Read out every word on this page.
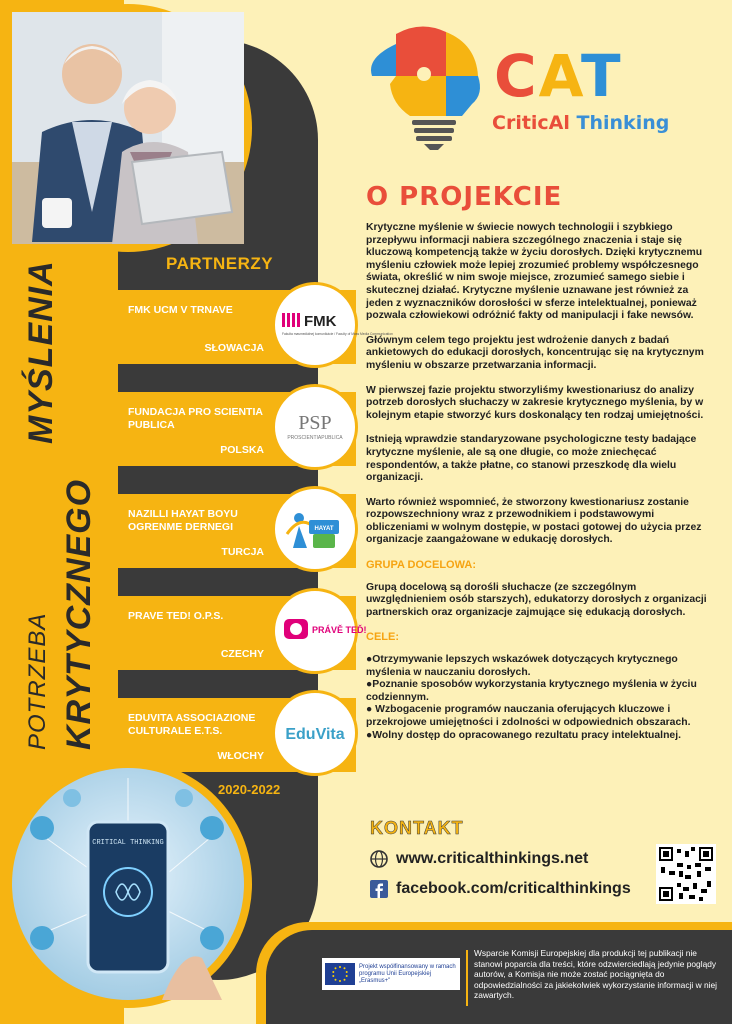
POTRZEBA KRYTYCZNEGO
MYŚLENIA	PARTNERZY
FMK UCM V TRNAVE
SŁOWACJA
FMK
Fakulta masmediálnej komunikácie / Faculty of Mass Media Communication
FUNDACJA PRO SCIENTIA PUBLICA
POLSKA
PSP
PROSCIENTIAPUBLICA
NAZILLI HAYAT BOYU OGRENME DERNEGI
TURCJA
HAYAT
PRAVE TED! O.P.S.
CZECHY
PRÁVĚ TEĎ!
EDUVITA ASSOCIAZIONE CULTURALE E.T.S.
WŁOCHY
EduVita
2020-2022
CRITICAL THINKING
CAT
CriticAl Thinking
O PROJEKCIE

Krytyczne myślenie w świecie nowych technologii i szybkiego przepływu informacji nabiera szczególnego znaczenia i staje się kluczową kompetencją także w życiu dorosłych. Dzięki krytycznemu myśleniu człowiek może lepiej zrozumieć problemy współczesnego świata, określić w nim swoje miejsce, zrozumieć samego siebie i skutecznej działać. Krytyczne myślenie uznawane jest również za jeden z wyznaczników dorosłości w sferze intelektualnej, ponieważ pozwala człowiekowi odróżnić fakty od manipulacji i fake newsów.

Głównym celem tego projektu jest wdrożenie danych z badań ankietowych do edukacji dorosłych, koncentrując się na krytycznym myśleniu w obszarze przetwarzania informacji.

W pierwszej fazie projektu stworzyliśmy kwestionariusz do analizy potrzeb dorosłych słuchaczy w zakresie krytycznego myślenia, by w kolejnym etapie stworzyć kurs doskonalący ten rodzaj umiejętności.

Istnieją wprawdzie standaryzowane psychologiczne testy badające krytyczne myślenie, ale są one długie, co może zniechęcać respondentów, a także płatne, co stanowi przeszkodę dla wielu organizacji.

Warto również wspomnieć, że stworzony kwestionariusz zostanie rozpowszechniony wraz z przewodnikiem i podstawowymi obliczeniami w wolnym dostępie, w postaci gotowej do użycia przez organizacje zaangażowane w edukację dorosłych.

GRUPA DOCELOWA:

Grupą docelową są dorośli słuchacze (ze szczególnym uwzględnieniem osób starszych), edukatorzy dorosłych z organizacji partnerskich oraz organizacje zajmujące się edukacją dorosłych.

CELE:
●Otrzymywanie lepszych wskazówek dotyczących krytycznego myślenia w nauczaniu dorosłych.
●Poznanie sposobów wykorzystania krytycznego myślenia w życiu codziennym.
● Wzbogacenie programów nauczania oferujących kluczowe i przekrojowe umiejętności i zdolności w odpowiednich obszarach.
●Wolny dostęp do opracowanego rezultatu pracy intelektualnej.
KONTAKT
www.criticalthinkings.net
facebook.com/criticalthinkings
Projekt współfinansowany w ramach programu Unii Europejskiej „Erasmus+"
Wsparcie Komisji Europejskiej dla produkcji tej publikacji nie stanowi poparcia dla treści, które odzwierciedlają jedynie poglądy autorów, a Komisja nie może zostać pociągnięta do odpowiedzialności za jakiekolwiek wykorzystanie informacji w niej zawartych.
